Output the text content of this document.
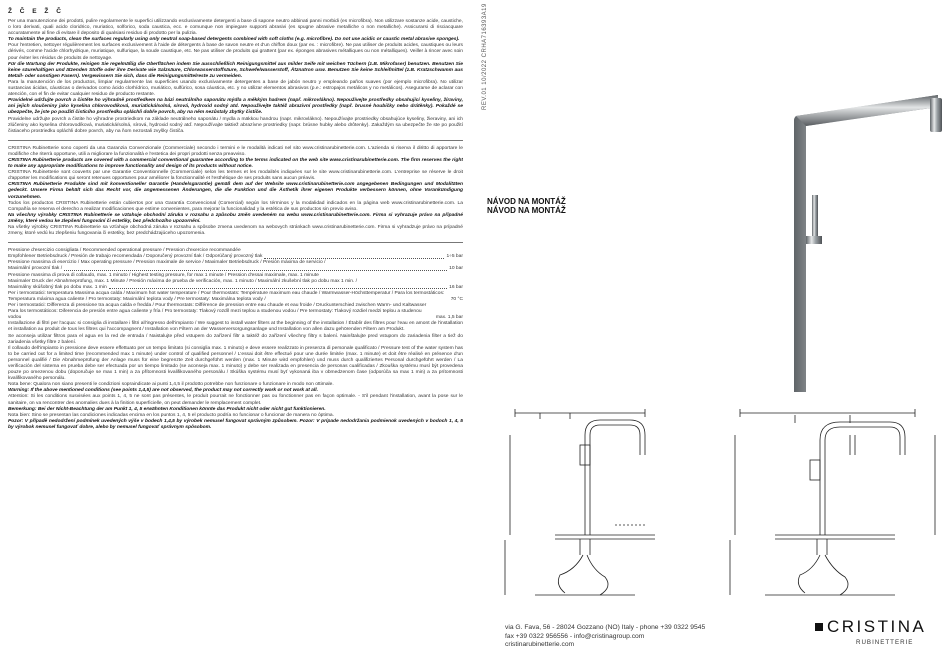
Ž Č E Ž Č

Per una manutenzione dei prodotti, pulire regolarmente le superfici utilizzando esclusivamente detergenti a base di sapone neutro abbinati panni morbidi (es microfibra). Non utilizzare sostanze acide, caustiche, o loro derivati, quali acido cloridrico, muriatico, solforico, soda caustica, ecc. e comunque non impiegare supporti abrasivi (es spugne abrasive metalliche o non metalliche). Assicurarsi di risciacquare accuratamente al fine di evitare il deposito di qualsiasi residuo di prodotto per la pulizia.

To maintain the products, clean the surfaces regularly using only neutral soap-based detergents combined with soft cloths (e.g. microfibre). Do not use acidic or caustic metal abrasive sponges).

Pour l'entretien, nettoyer régulièrement les surfaces exclusivement à l'aide de détergents à base de savon neutre et d'un chiffon doux (par ex. : microfibre). Ne pas utiliser de produits acides, caustiques ou leurs dérivés, comme l'acide chlorhydrique, muriatique, sulfurique, la soude caustique, etc. Ne pas utiliser de produits qui grattent (par ex. éponges abrasives métalliques ou non métalliques). Veiller à rincer avec soin pour éviter les résidus de produits de nettoyage.

Für die Wartung der Produkte, reinigen Sie regelmäßig die Oberflächen indem Sie ausschließlich Reinigungsmittel aus milder Seife mit weichen Tüchern (z.B. Mikrofaser) benutzen. Benutzen Sie keine säurehaltigen und ätzenden Stoffe oder ihre Derivate wie Salzsäure, Chlorwasserstoffsäure, Schwefelwasserstoff, Ätznatron usw. Benutzen Sie keine Schleifmittel (z.B. Kratzschwamm aus Metall- oder sonstigen Fasern). Vergewissern Sie sich, dass die Reinigungsmittelreste zu vermeiden.

Para la manutención de los productos, limpiar regularmente las superficies usando exclusivamente detergentes a base de jabón neutro y empleando paños suaves (por ejemplo microfibra). No utilizar sustancias ácidas, cáusticas o derivados como ácido clorhídrico, muriático, sulfúrico, sosa cáustica, etc. y no utilizar elementos abrasivos (p.e.: estropajos metálicos y no metálicos). Asegurarse de aclarar con atención, con el fin de evitar cualquier residuo de producto restante.

Pravidelné udržujte povrch a čistěte ho výhradně prostředkem na bázi neutrálního saponátu mýdla a měkkým hadrem (např. mikrovlákno). Nepoužívejte prostředky obsahující kyseliny, žíraviny, ani jejich sloučeniny jako kyselina chlorovodíková, muriatická/solná, sírová, hydroxid sodný atd. Nepoužívejte taktéž abrazivní prostředky (např. brusné houbičky nebo drátěnky). Pokaždé se ubezpečte, že jste po použití čisticího prostředku opláchli dobře povrch, aby na něm nezůstaly zbytky čističe.

Pravidelne udržujte povrch a čistite ho výhradne prostriedkom na základe neutrálneho saponátu / mydla a mäkkou handrou (napr. mikrovlákno). Nepoužívajte prostriedky obsahujúce kyseliny, žieraviny, ani ich zlúčeniny ako kyselina chlorovodíková, muriatická/solná, sírová, hydroxid sodný atď. Nepoužívajte taktiež abrazívne prostriedky (napr. brúsne hubky alebo drôtenky). Zakaždým sa ubezpečte že ste po použití čistiaceho prostriedku opláchli dobre povrch, aby na ňom nezostali zvyšky čističa.

CRISTINA Rubinetterie sono coperti da una Garanzia Convenzionale (Commerciale) secondo i termini e le modalità indicati nel sito www.cristinarubinetterie.com. L'azienda si riserva il diritto di apportare le modifiche che riterrà opportune, utili a migliorare la funzionalità e l'estetica dei propri prodotti senza preavviso.

CRISTINA Rubinetterie products are covered with a commercial conventional guarantee according to the terms indicated on the web site www.cristinarubinetterie.com. The firm reserves the right to make any appropriate modifications to improve functionality and design of its products without notice.

CRISTINA Rubinetterie sont couverts par une Garantie Conventionnelle (Commerciale) selon les termes et les modalités indiquées sur le site www.cristinarubinetterie.com. L'entreprise se réserve le droit d'apporter les modifications qui seront retenues opportunes pour améliorer la fonctionnalité et l'esthétique de ses produits sans aucun préavis.

CRISTINA Rubinetterie Produkte sind mit konventioneller Garantie (Handelsgarantie) gemäß dem auf der Website www.cristinarubinetterie.com angegebenen Bedingungen und Modalitäten gedeckt. Unsere Firma behält sich das Recht vor, die angemessenen Änderungen, die die Funktion und die Ästhetik ihrer eigenen Produkte verbessern können, ohne Vorankündigung vorzunehmen.

Todos los productos CRISTINA Rubinetterie están cubiertos por una Garantía Convencional (Comercial) según los términos y la modalidad indicados en la página web www.cristinarubinetterie.com. La Compañía se reserva el derecho a realizar modificaciones que estime convenientes, para mejorar la funcionalidad y la estética de sus productos sin previo aviso.

Na všechny výrobky CRISTINA Rubinetterie se vztahuje obchodní záruka v rozsahu a způsobu změn uvedeném na webu www.cristinarubinetterie.com. Firma si vyhrazuje právo na případné změny, které vedou ke zlepšení fungování či estetiky, bez předchozího upozornění.

Na všetky výrobky CRISTINA Rubinetterie sa vzťahuje obchodná záruka v rozsahu a spôsobe zmena uvedenom na webovych stránkach www.cristinarubinetterie.com. Firma si vyhradzuje právo na prípadné zmeny, ktoré vedú ku zlepšeniu fungovania či estetiky, bez predchádzajúceho upozornenia.

Pressione d'esercizio consigliata / Recommended operational pressure / Pression d'exercice recommandée
Empfohlener Betriebsdruck / Presión de trabajo recomendada / Doporučený provozní tlak / Odporúčaný provozný tlak	1÷5 bar
Pressione massima di esercizio / Max operating pressure / Pression maximale de service / Maximaler Betriebsdruck / Presión máxima de servicio /
Maximální provozní tlak /	10 bar
Pressione massima di prova di collaudo, max. 1 minuto / Highest testing pressure, for max 1 minute / Pression d'essai maximale, max. 1 minute
Maximaler Druck der Abnahmeprüfung, max. 1 Minute / Presión máxima de prueba de verificación, max. 1 minuto / Maximální zkušební tlak po dobu max 1 min. /
Maximálny skúšobný tlak po dobu max. 1 min	16 bar
Per i termostatici: temperatura Massima acqua calda / Maximum hot water temperature / Pour thermostats: Température maximum eau chaude / Warmwasser-Höchsttemperatur / Para los termostáticos: Temperatura máxima agua caliente / Pro termostaty: Maximální teplota vody / Pre termostaty: Maximálna teplota vody /	70 °C
Per i termostatici: Differenza di pressione tra acqua calda e fredda / Pour thermostats: Différence de pression entre eau chaude et eau froide / Druckunterschied zwischen Warm- und Kaltwasser Para los termostáticos: Diferencia de presión entre agua caliente y fría / Pro termostaty: Tlakový rozdíl mezi teplou a studenou vodou / Pre termostaty: Tlakový rozdiel medzi teplou a studenou vodou	max. 1,5 bar

Installazione di filtri per l'acqua: si consiglia di installare i filtri all'ingresso dell'impianto / We suggest to install water filters at the beginning of the installation / Établir des filtres pour l'eau en amont de l'installation et installation au produit de tous les filtres qui l'accompagnent / Installation von Filtern an der Wasserversorgungsanlage und Installation von allen dazu gehörenden Filtern am Produkt.

Se aconseja utilizar filtros para el agua en la red de entrada / Naistalujte před vstupem do zařízení filtr a taktéž do zařízení všechny filtry s balení. Nainštalujte pred vstupom do zariadenia filter a tiež do zariadenia všetky filtre z balení.

Il collaudo dell'impianto in pressione deve essere effettuato per un tempo limitato (si consiglia max. 1 minuto) e deve essere realizzato in presenza di personale qualificato / Pressure test of the water system has to be carried out for a limited time (recommended max 1 minute) under control of qualified personnel / L'essai doit être effectué pour une durée limitée (max. 1 minute) et doit être réalisé en présence d'un personnel qualifié / Die Abnahmeprüfung der Anlage muss für eine begrenzte Zeit durchgeführt werden (max. 1 Minute wird empfohlen) und muss durch qualifiziertes Personal durchgeführt werden / La verificación del sistema en prueba debe ser efectuada por un tiempo limitado (se aconseja max. 1 minuto) y debe ser realizada en presencia de personas cualificadas / Zkouška systému musí být provedena pouze po omezenou dobu (doporučuje se max 1 min) a za přítomnosti kvalifikovaného personálu / Skúška systému musí byť vykonaná iba v obmedzenom čase (odporúča sa max 1 min) a za prítomnosti kvalifikovaného personálu.

Nota bene: Qualora non siano presenti le condizioni sopraindicate ai punti 1,4,5 il prodotto potrebbe non funzionare o funzionare in modo non ottimale.

Warning: If the above mentioned conditions (see points 1,4,5) are not observed, the product may not correctly work or not work at all.

Attention: Si les conditions susvisées aux points 1, 4, 5 ne sont pas présentes, le produit pourrait ne fonctionner pas ou fonctionner pas en façon optimale. - S'il pendant l'installation, avant la pose sur le sanitaire, on va rencontrer des anomalies dues à la finition superficielle, on peut demander le remplacement complet.

Bemerkung: Bei der Nicht-Beachtung der am Punkt 1, 4, 5 erwähnten Konditionen könnte das Produkt nicht oder nicht gut funktionieren.

Nota bien: Sino se presentan las condiciones indicadas encima en los puntos 1, 4, 5 el producto podría no funcionar o funcionar de manera no óptima.

Pozor: V případě nedodržení podmínek uvedených výše v bodech 1,4,5 by výrobek nemusel fungovat správným způsobem. Pozor: V prípade nedodržania podmienok uvedených v bodoch 1, 4, 5 by výrobok nemusel fungovať dobre, alebo by nemusel fungovať správnym spôsobom.

REV.01 10/2022 CRHA716393A19
NÁVOD NA MONTÁŽ
NÁVOD NA MONTÁŽ
via G. Fava, 56 - 28024 Gozzano (NO) Italy - phone +39 0322 9545
fax +39 0322 956556 - info@cristinagroup.com
cristinarubinetterie.com
CRISTINA
RUBINETTERIE
